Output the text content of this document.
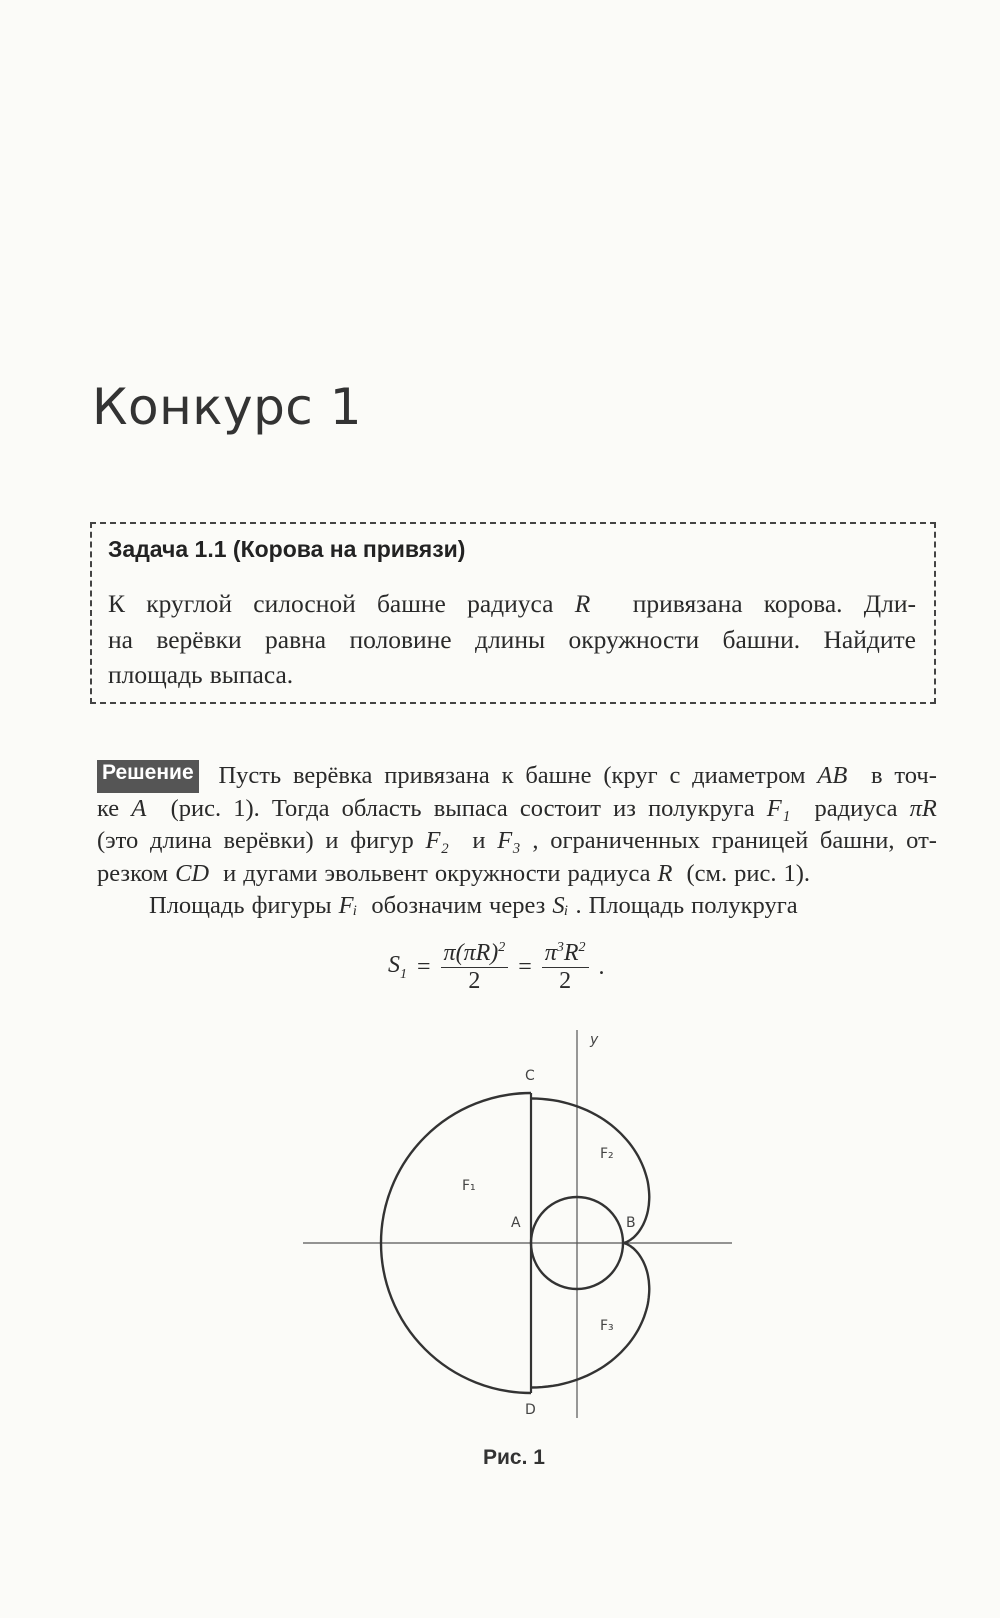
Конкурс 1
Задача 1.1 (Корова на привязи)
К круглой силосной башне радиуса R привязана корова. Дли-
на верёвки равна половине длины окружности башни. Найдите
площадь выпаса.
Решение Пусть верёвка привязана к башне (круг с диаметром AB в точ-
ке A (рис. 1). Тогда область выпаса состоит из полукруга F₁ радиуса πR
(это длина верёвки) и фигур F₂ и F₃ , ограниченных границей башни, от-
резком CD и дугами эвольвент окружности радиуса R (см. рис. 1).
Площадь фигуры Fᵢ обозначим через Sᵢ . Площадь полукруга
$S_1 = \frac{\pi(\pi R)^2}{2} = \frac{\pi^3R^2}{2}$ .
y
C
D
A	B
F₁
F₂
F₃
Рис. 1
